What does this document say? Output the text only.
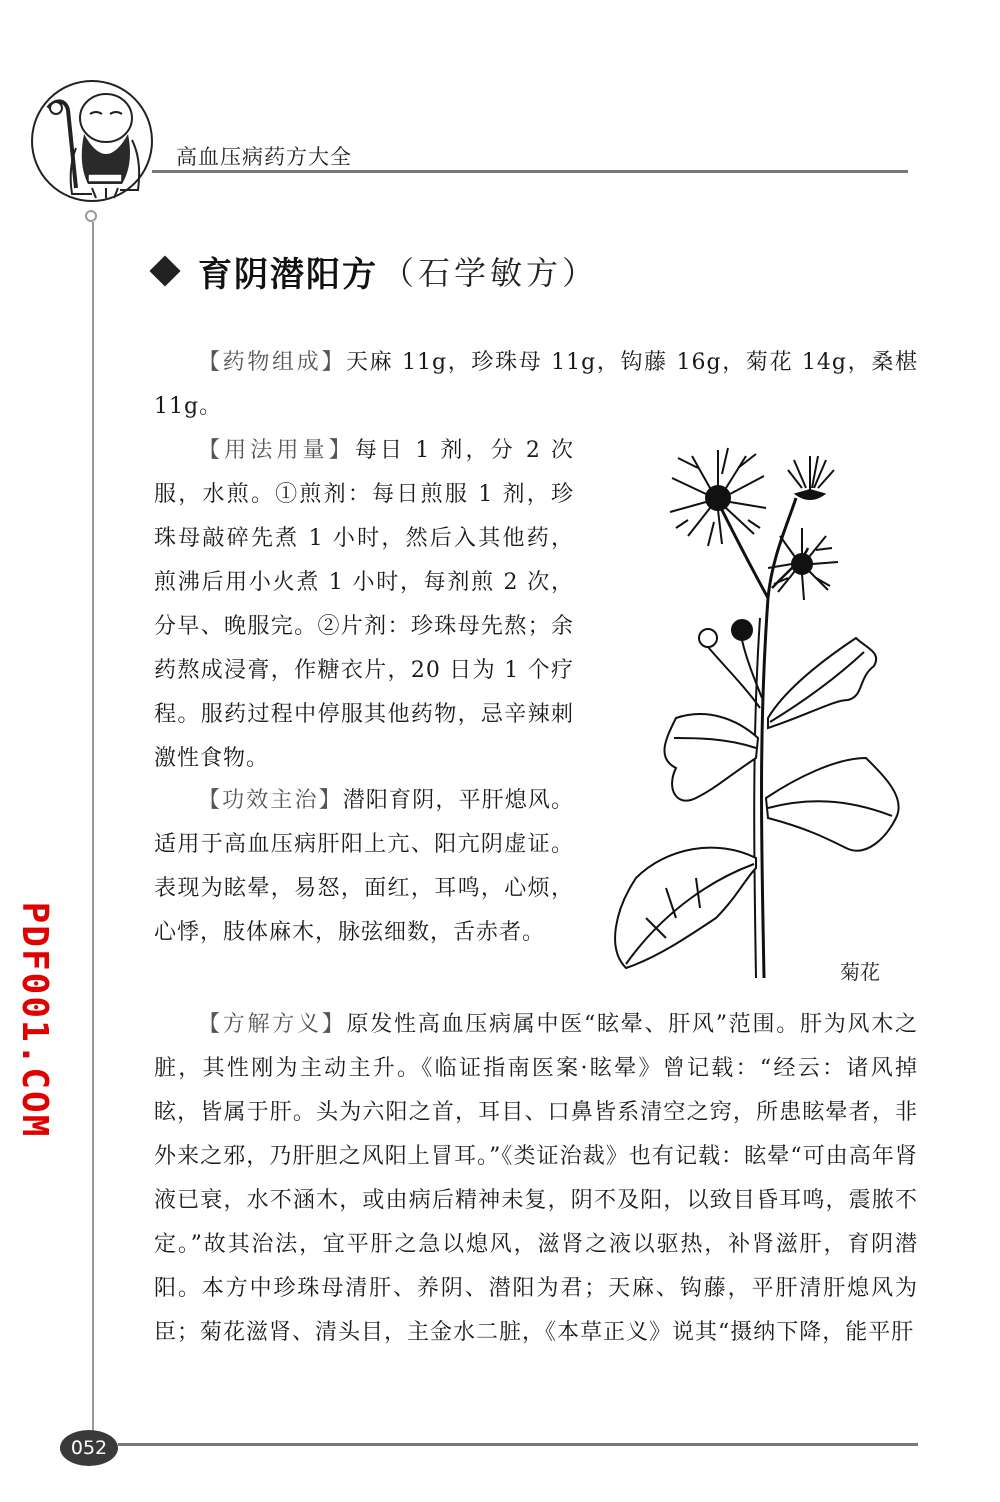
高血压病药方大全
育阴潜阳方 （石学敏方）
【药物组成】天麻 11g，珍珠母 11g，钩藤 16g，菊花 14g，桑椹 11g。
【用法用量】每日 1 剂，分 2 次服，水煎。①煎剂：每日煎服 1 剂，珍珠母敲碎先煮 1 小时，然后入其他药，煎沸后用小火煮 1 小时，每剂煎 2 次，分早、晚服完。②片剂：珍珠母先熬；余药熬成浸膏，作糖衣片，20 日为 1 个疗程。服药过程中停服其他药物，忌辛辣刺激性食物。
【功效主治】潜阳育阴，平肝熄风。适用于高血压病肝阳上亢、阳亢阴虚证。表现为眩晕，易怒，面红，耳鸣，心烦，心悸，肢体麻木，脉弦细数，舌赤者。
【方解方义】原发性高血压病属中医“眩晕、肝风”范围。肝为风木之脏，其性刚为主动主升。《临证指南医案·眩晕》曾记载：“经云：诸风掉眩，皆属于肝。头为六阳之首，耳目、口鼻皆系清空之窍，所患眩晕者，非外来之邪，乃肝胆之风阳上冒耳。”《类证治裁》也有记载：眩晕“可由高年肾液已衰，水不涵木，或由病后精神未复，阴不及阳，以致目昏耳鸣，震脓不定。”故其治法，宜平肝之急以熄风，滋肾之液以驱热，补肾滋肝，育阴潜阳。本方中珍珠母清肝、养阴、潜阳为君；天麻、钩藤，平肝清肝熄风为臣；菊花滋肾、清头目，主金水二脏，《本草正义》说其“摄纳下降，能平肝
菊花
PDF001.COM
052
